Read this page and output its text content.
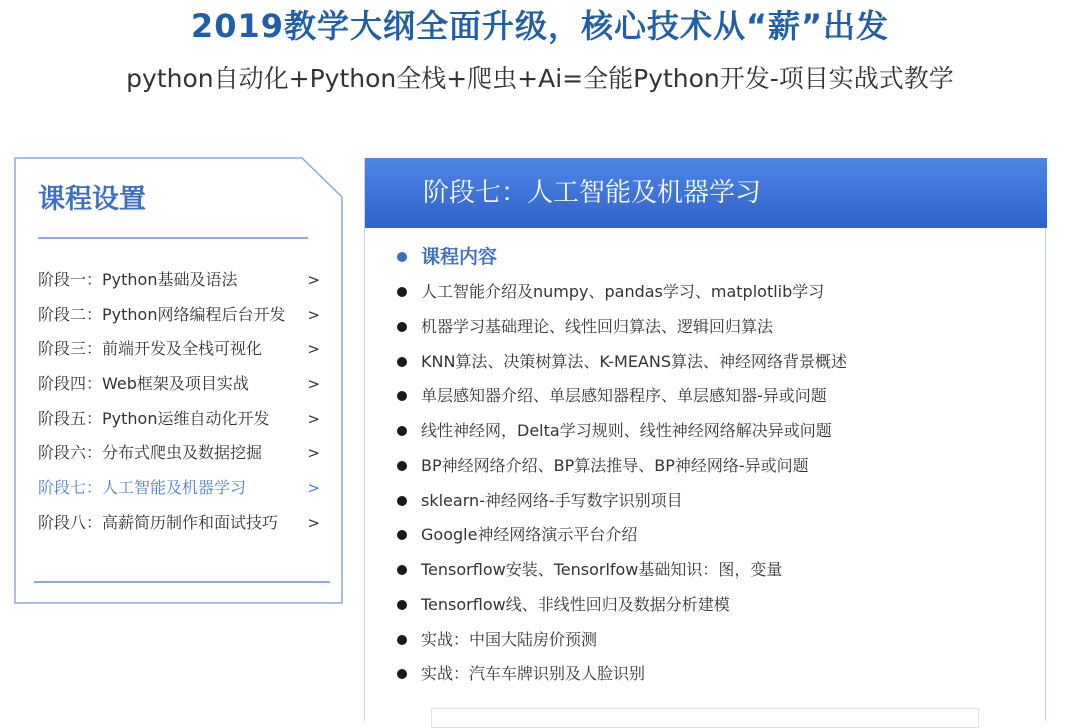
2019教学大纲全面升级，核心技术从“薪”出发
python自动化+Python全栈+爬虫+Ai=全能Python开发-项目实战式教学
课程设置
阶段一：Python基础及语法	>
阶段二：Python网络编程后台开发 >
阶段三：前端开发及全栈可视化	>
阶段四：Web框架及项目实战	>
阶段五：Python运维自动化开发	>
阶段六：分布式爬虫及数据挖掘	>
阶段七：人工智能及机器学习	>
阶段八：高薪简历制作和面试技巧 >
阶段七：人工智能及机器学习
课程内容
人工智能介绍及numpy、pandas学习、matplotlib学习
机器学习基础理论、线性回归算法、逻辑回归算法
KNN算法、决策树算法、K-MEANS算法、神经网络背景概述
单层感知器介绍、单层感知器程序、单层感知器-异或问题
线性神经网，Delta学习规则、线性神经网络解决异或问题
BP神经网络介绍、BP算法推导、BP神经网络-异或问题
sklearn-神经网络-手写数字识别项目
Google神经网络演示平台介绍
Tensorflow安装、Tensorlfow基础知识：图，变量
Tensorflow线、非线性回归及数据分析建模
实战：中国大陆房价预测
实战：汽车车牌识别及人脸识别
